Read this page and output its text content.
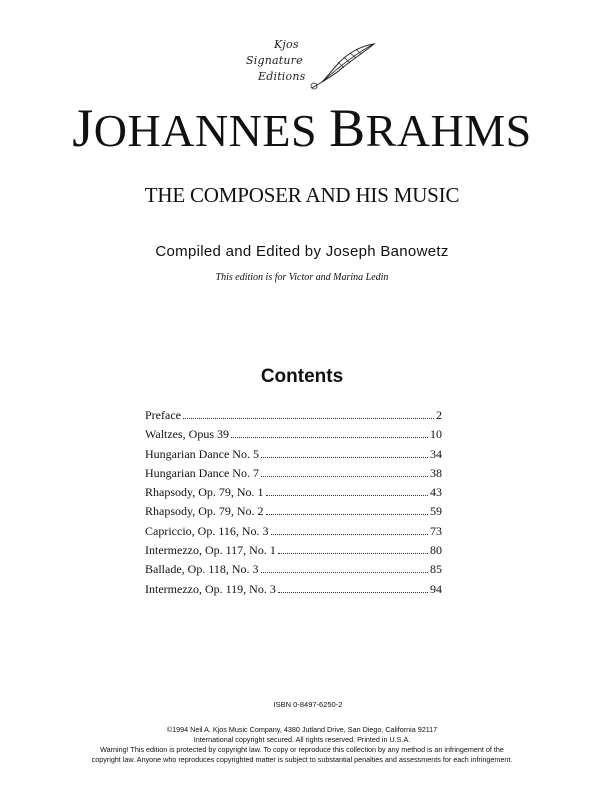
Kjos
Signature
Editions
JOHANNES BRAHMS
THE COMPOSER AND HIS MUSIC
Compiled and Edited by Joseph Banowetz
This edition is for Victor and Marina Ledin
Contents
Preface	2
Waltzes, Opus 39	10
Hungarian Dance No. 5	34
Hungarian Dance No. 7	38
Rhapsody, Op. 79, No. 1	43
Rhapsody, Op. 79, No. 2	59
Capriccio, Op. 116, No. 3	73
Intermezzo, Op. 117, No. 1	80
Ballade, Op. 118, No. 3	85
Intermezzo, Op. 119, No. 3	94
ISBN 0-8497-6250-2
©1994 Neil A. Kjos Music Company, 4380 Jutland Drive, San Diego, California 92117
International copyright secured. All rights reserved. Printed in U.S.A.
Warning! This edition is protected by copyright law. To copy or reproduce this collection by any method is an infringement of the
copyright law. Anyone who reproduces copyrighted matter is subject to substantial penalties and assessments for each infringement.
